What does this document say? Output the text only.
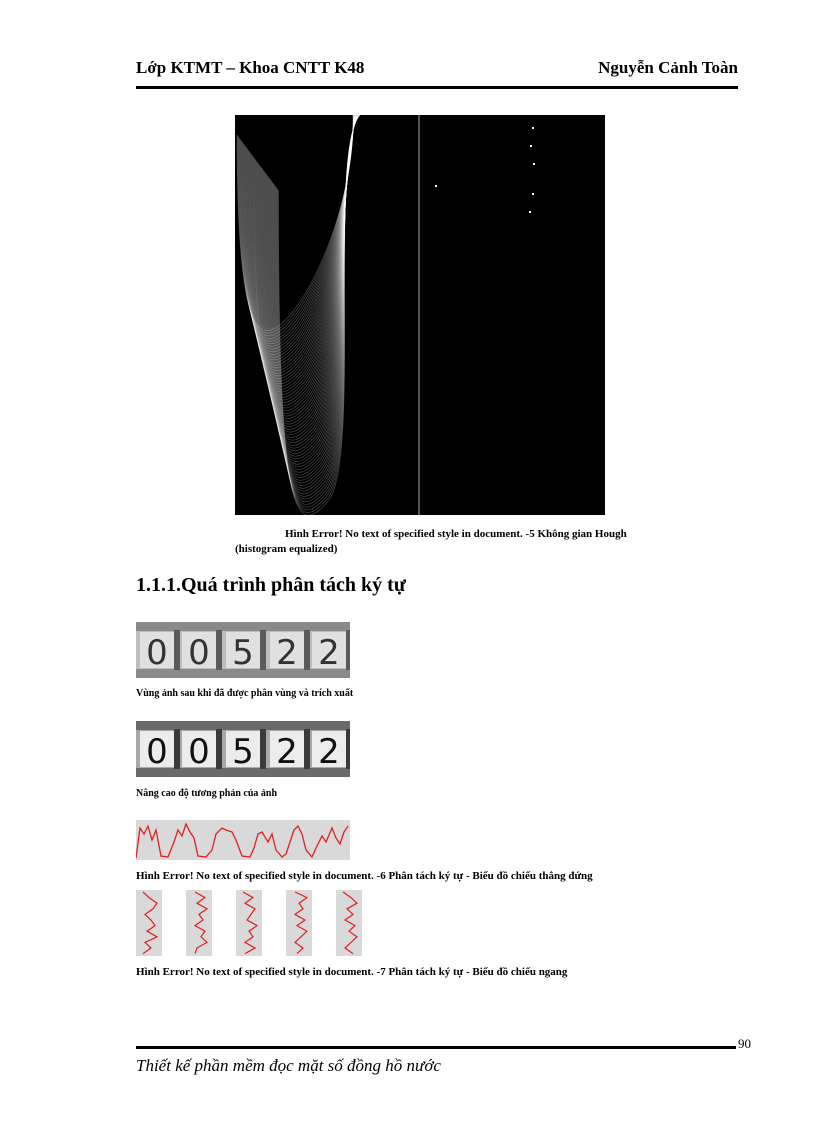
Lớp KTMT – Khoa CNTT K48	Nguyễn Cảnh Toàn
Hình Error! No text of specified style in document. -5 Không gian Hough
(histogram equalized)
1.1.1.Quá trình phân tách ký tự
0 0 5 2 2
Vùng ảnh sau khi đã được phân vùng và trích xuất
0 0 5 2 2
Nâng cao độ tương phản của ảnh
Hình Error! No text of specified style in document. -6 Phân tách ký tự - Biểu đồ chiếu thẳng đứng
Hình Error! No text of specified style in document. -7 Phân tách ký tự - Biểu đồ chiếu ngang
90
Thiết kế phần mềm đọc mặt số đồng hồ nước
